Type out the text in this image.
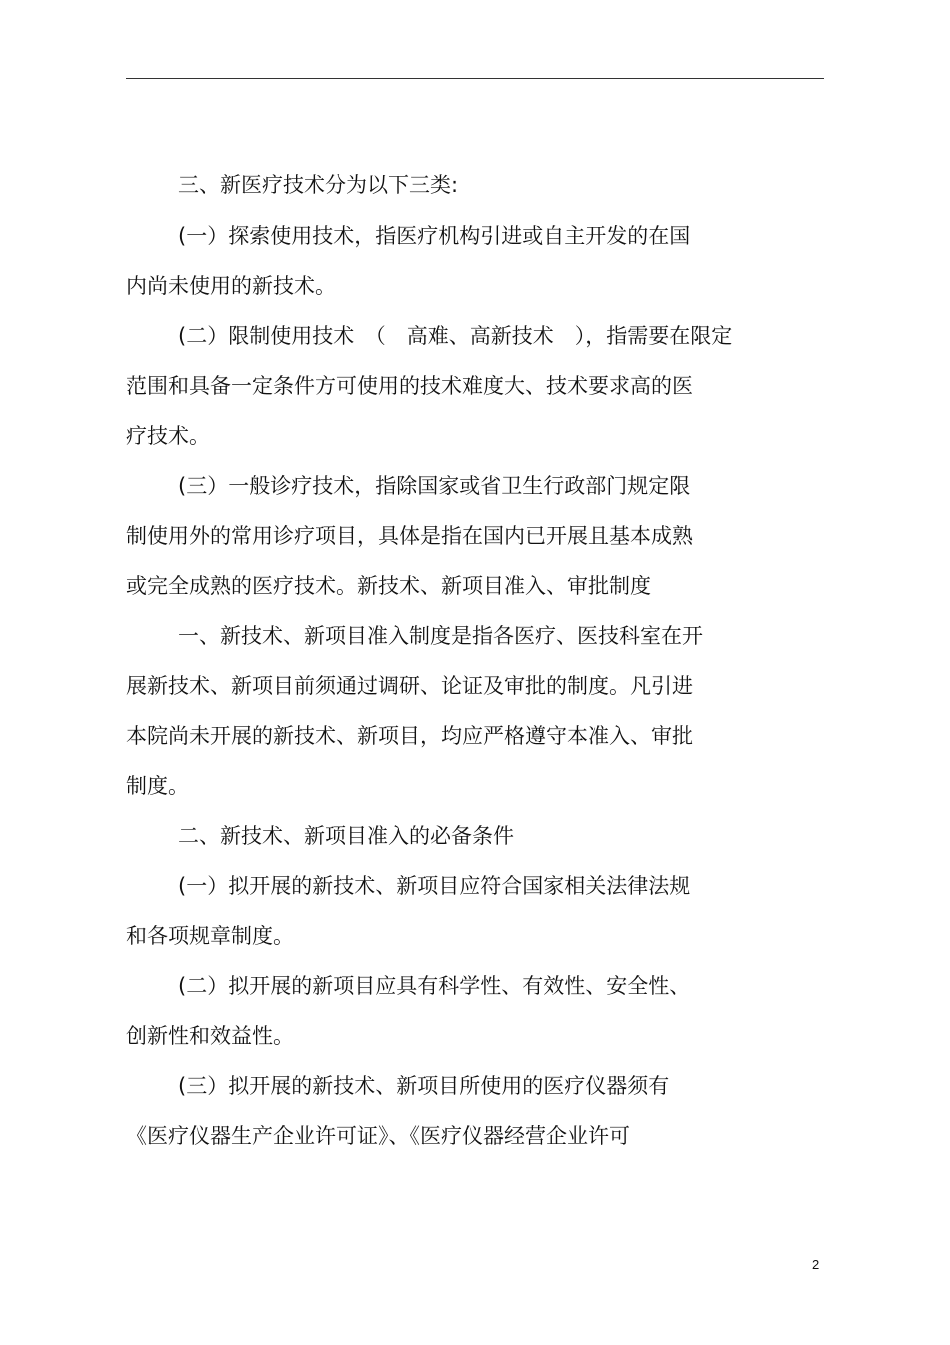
三、新医疗技术分为以下三类:
(一）探索使用技术，指医疗机构引进或自主开发的在国
内尚未使用的新技术。
(二）限制使用技术　（　高难、高新技术　），指需要在限定
范围和具备一定条件方可使用的技术难度大、技术要求高的医
疗技术。
(三）一般诊疗技术，指除国家或省卫生行政部门规定限
制使用外的常用诊疗项目，具体是指在国内已开展且基本成熟
或完全成熟的医疗技术。新技术、新项目准入、审批制度
一、新技术、新项目准入制度是指各医疗、医技科室在开
展新技术、新项目前须通过调研、论证及审批的制度。凡引进
本院尚未开展的新技术、新项目，均应严格遵守本准入、审批
制度。
二、新技术、新项目准入的必备条件
(一）拟开展的新技术、新项目应符合国家相关法律法规
和各项规章制度。
(二）拟开展的新项目应具有科学性、有效性、安全性、
创新性和效益性。
(三）拟开展的新技术、新项目所使用的医疗仪器须有
《医疗仪器生产企业许可证》、《医疗仪器经营企业许可
2
